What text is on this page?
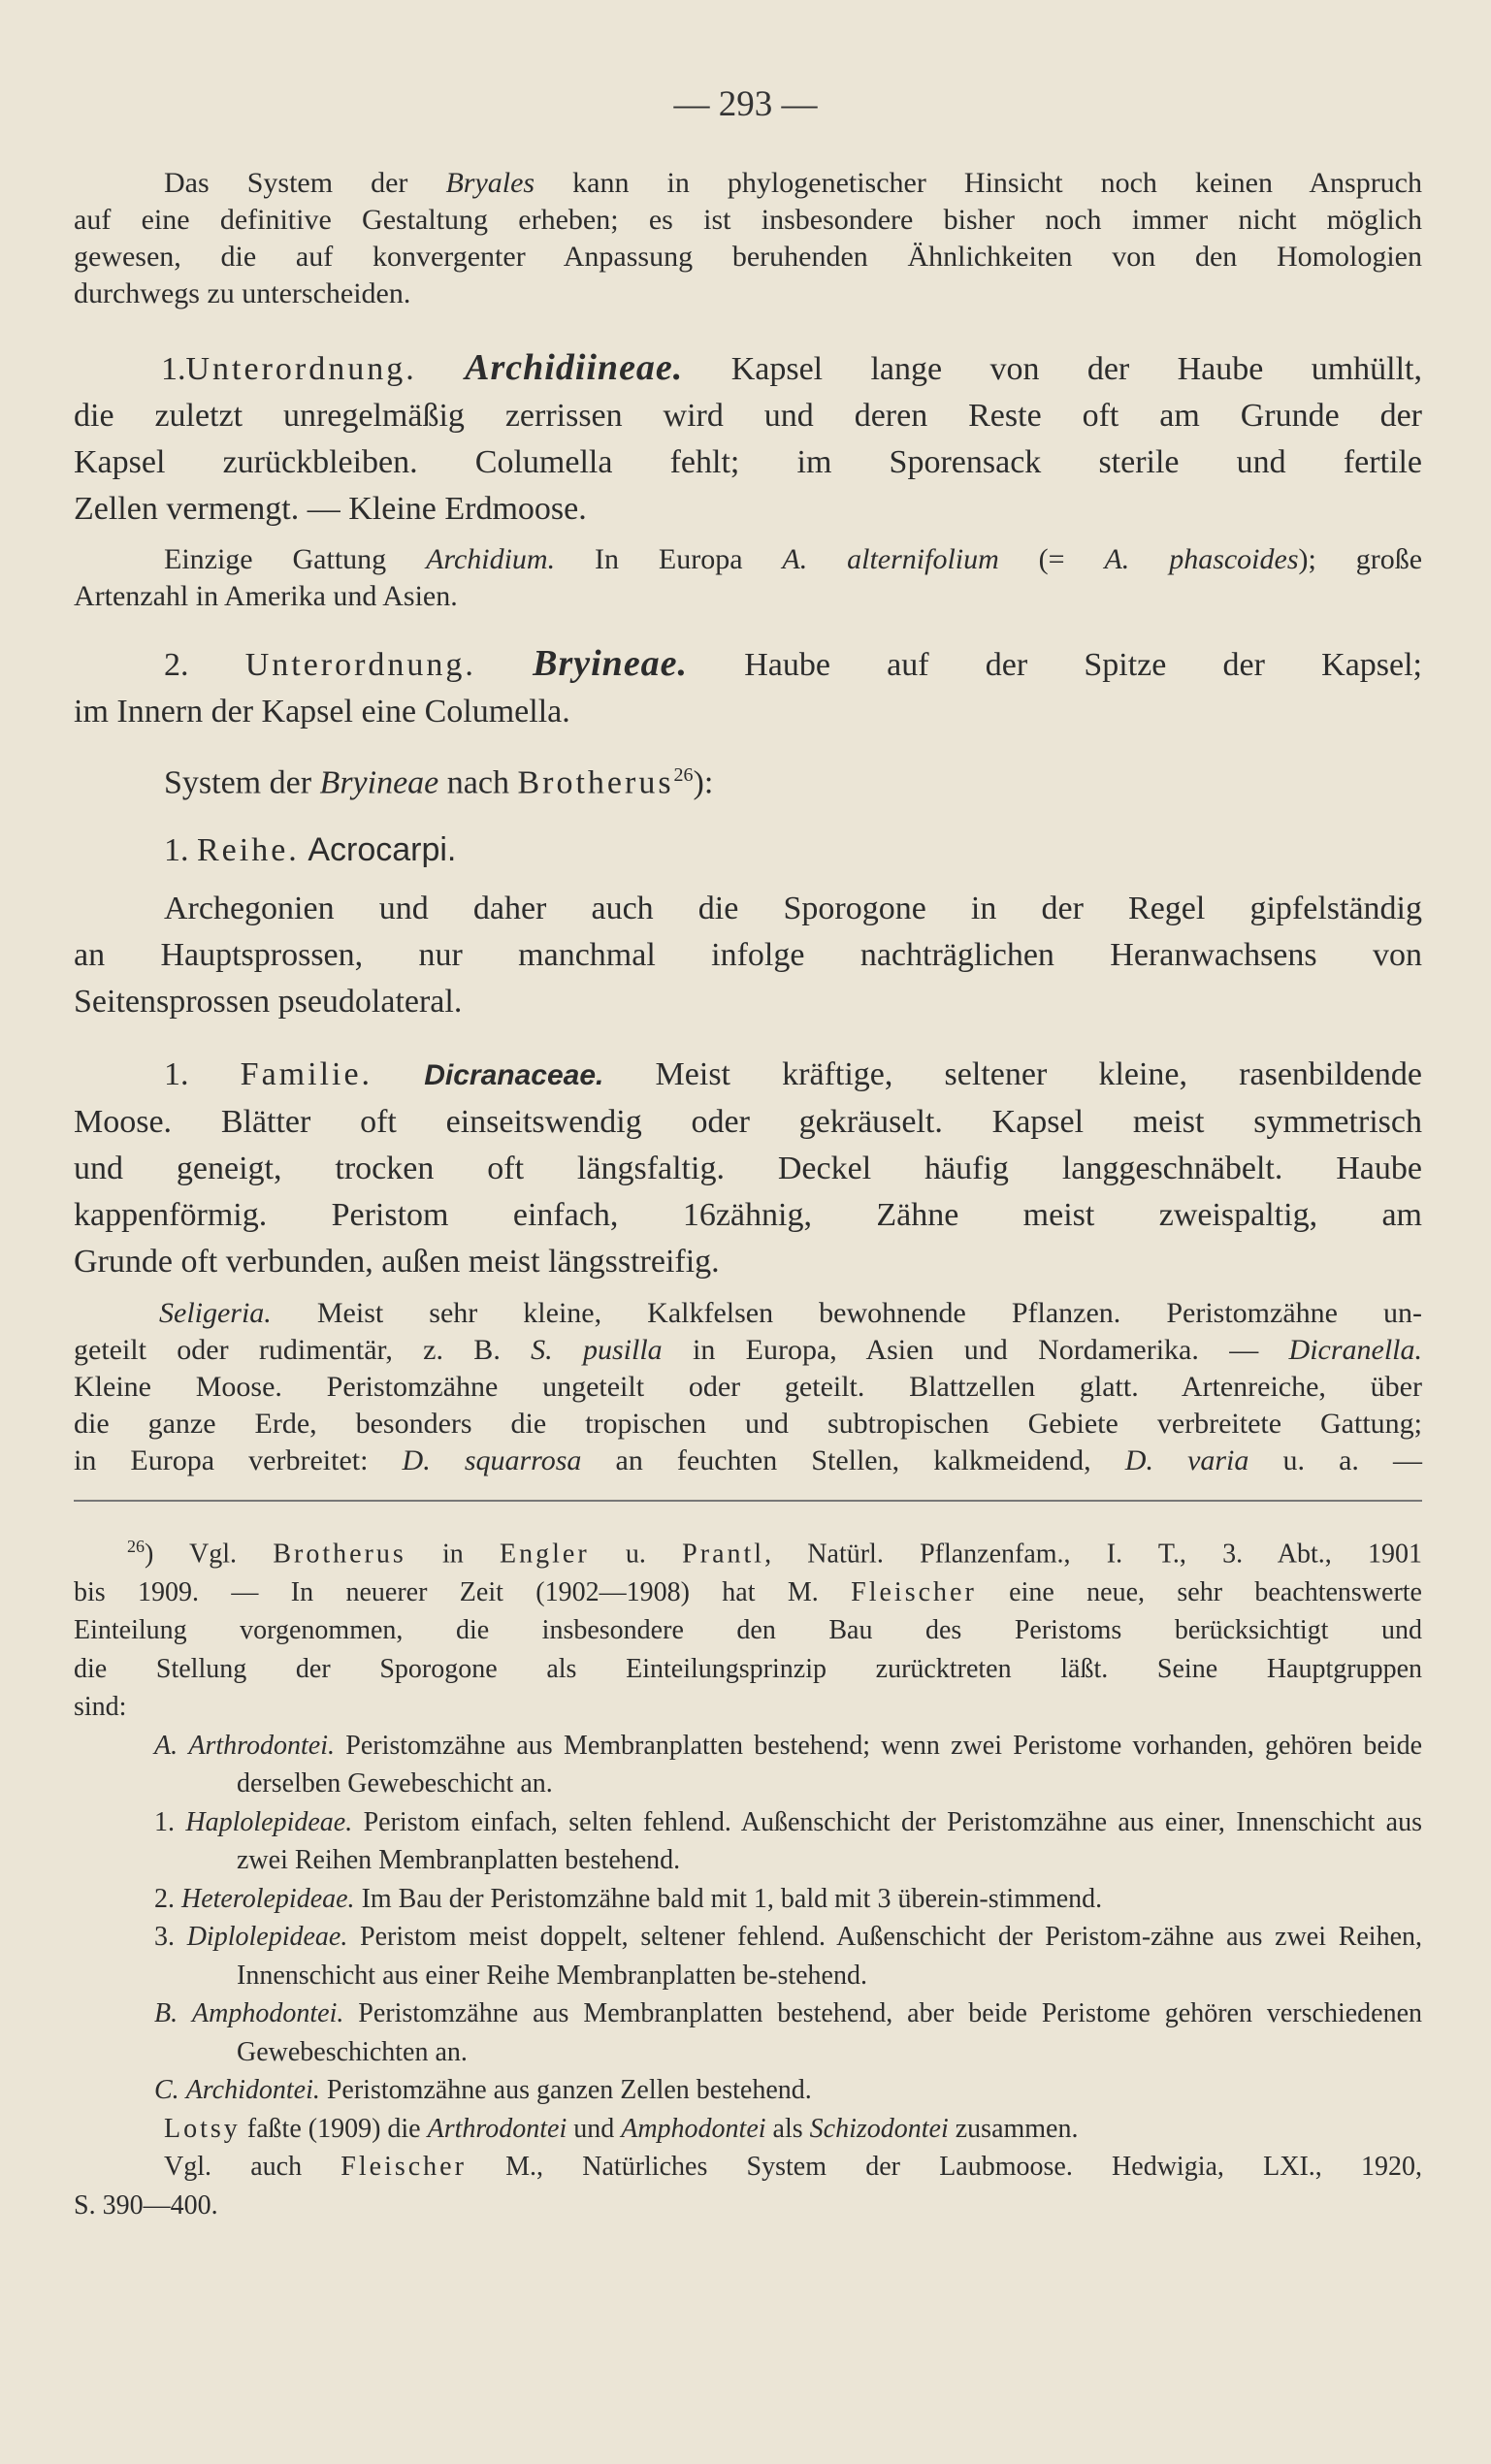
— 293 —

Das System der Bryales kann in phylogenetischer Hinsicht noch keinen Anspruch

auf eine definitive Gestaltung erheben; es ist insbesondere bisher noch immer nicht möglich

gewesen, die auf konvergenter Anpassung beruhenden Ähnlichkeiten von den Homologien

durchwegs zu unterscheiden.

1.Unterordnung. Archidiineae. Kapsel lange von der Haube umhüllt,

die zuletzt unregelmäßig zerrissen wird und deren Reste oft am Grunde der

Kapsel zurückbleiben. Columella fehlt; im Sporensack sterile und fertile

Zellen vermengt. — Kleine Erdmoose.

Einzige Gattung Archidium. In Europa A. alternifolium (= A. phascoides); große

Artenzahl in Amerika und Asien.

2. Unterordnung. Bryineae. Haube auf der Spitze der Kapsel;

im Innern der Kapsel eine Columella.

System der Bryineae nach Brotherus$^{26}$):

1. Reihe. Acrocarpi.

Archegonien und daher auch die Sporogone in der Regel gipfelständig

an Hauptsprossen, nur manchmal infolge nachträglichen Heranwachsens von

Seitensprossen pseudolateral.

1. Familie. Dicranaceae. Meist kräftige, seltener kleine, rasenbildende

Moose. Blätter oft einseitswendig oder gekräuselt. Kapsel meist symmetrisch

und geneigt, trocken oft längsfaltig. Deckel häufig langgeschnäbelt. Haube

kappenförmig. Peristom einfach, 16zähnig, Zähne meist zweispaltig, am

Grunde oft verbunden, außen meist längsstreifig.

Seligeria. Meist sehr kleine, Kalkfelsen bewohnende Pflanzen. Peristomzähne un-

geteilt oder rudimentär, z. B. S. pusilla in Europa, Asien und Nordamerika. — Dicranella.

Kleine Moose. Peristomzähne ungeteilt oder geteilt. Blattzellen glatt. Artenreiche, über

die ganze Erde, besonders die tropischen und subtropischen Gebiete verbreitete Gattung;

in Europa verbreitet: D. squarrosa an feuchten Stellen, kalkmeidend, D. varia u. a. —

$^{26}$) Vgl. Brotherus in Engler u. Prantl, Natürl. Pflanzenfam., I. T., 3. Abt., 1901

bis 1909. — In neuerer Zeit (1902—1908) hat M. Fleischer eine neue, sehr beachtenswerte

Einteilung vorgenommen, die insbesondere den Bau des Peristoms berücksichtigt und

die Stellung der Sporogone als Einteilungsprinzip zurücktreten läßt. Seine Hauptgruppen

sind:

A. Arthrodontei. Peristomzähne aus Membranplatten bestehend; wenn zwei Peristome vorhanden, gehören beide derselben Gewebeschicht an.

1. Haplolepideae. Peristom einfach, selten fehlend. Außenschicht der Peristomzähne aus einer, Innenschicht aus zwei Reihen Membranplatten bestehend.

2. Heterolepideae. Im Bau der Peristomzähne bald mit 1, bald mit 3 überein-stimmend.

3. Diplolepideae. Peristom meist doppelt, seltener fehlend. Außenschicht der Peristom-zähne aus zwei Reihen, Innenschicht aus einer Reihe Membranplatten be-stehend.

B. Amphodontei. Peristomzähne aus Membranplatten bestehend, aber beide Peristome gehören verschiedenen Gewebeschichten an.

C. Archidontei. Peristomzähne aus ganzen Zellen bestehend.

Lotsy faßte (1909) die Arthrodontei und Amphodontei als Schizodontei zusammen.

Vgl. auch Fleischer M., Natürliches System der Laubmoose. Hedwigia, LXI., 1920,

S. 390—400.
